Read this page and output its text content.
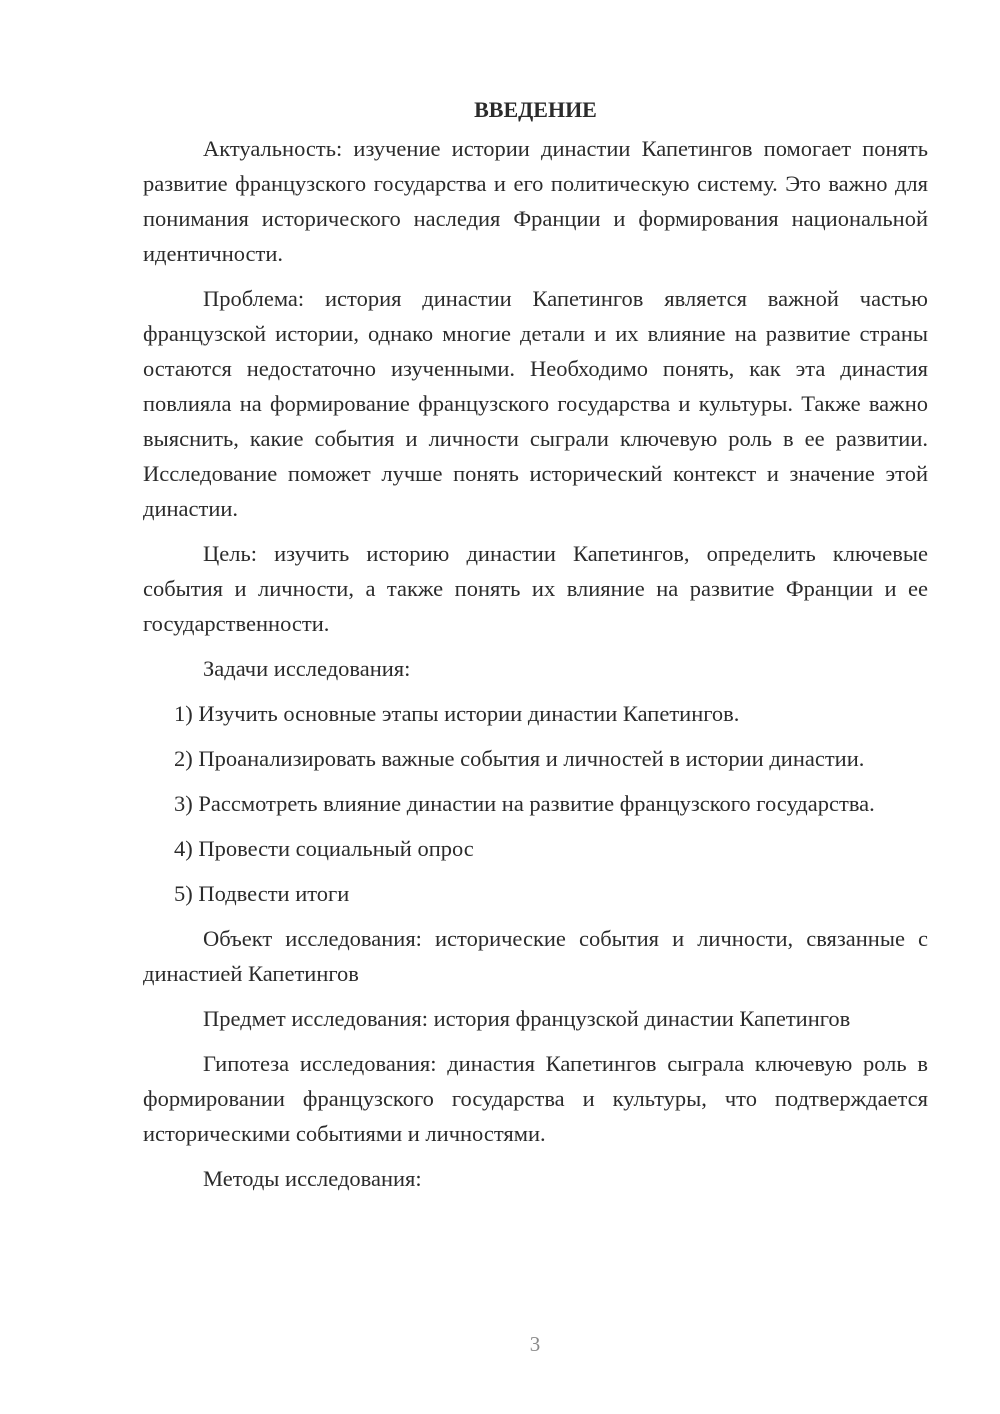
ВВЕДЕНИЕ

Актуальность: изучение истории династии Капетингов помогает понять развитие французского государства и его политическую систему. Это важно для понимания исторического наследия Франции и формирования национальной идентичности.

Проблема: история династии Капетингов является важной частью французской истории, однако многие детали и их влияние на развитие страны остаются недостаточно изученными. Необходимо понять, как эта династия повлияла на формирование французского государства и культуры. Также важно выяснить, какие события и личности сыграли ключевую роль в ее развитии. Исследование поможет лучше понять исторический контекст и значение этой династии.

Цель: изучить историю династии Капетингов, определить ключевые события и личности, а также понять их влияние на развитие Франции и ее государственности.

Задачи исследования:

1) Изучить основные этапы истории династии Капетингов.

2) Проанализировать важные события и личностей в истории династии.

3) Рассмотреть влияние династии на развитие французского государства.

4) Провести социальный опрос

5) Подвести итоги

Объект исследования: исторические события и личности, связанные с династией Капетингов

Предмет исследования: история французской династии Капетингов

Гипотеза исследования: династия Капетингов сыграла ключевую роль в формировании французского государства и культуры, что подтверждается историческими событиями и личностями.

Методы исследования:

3
